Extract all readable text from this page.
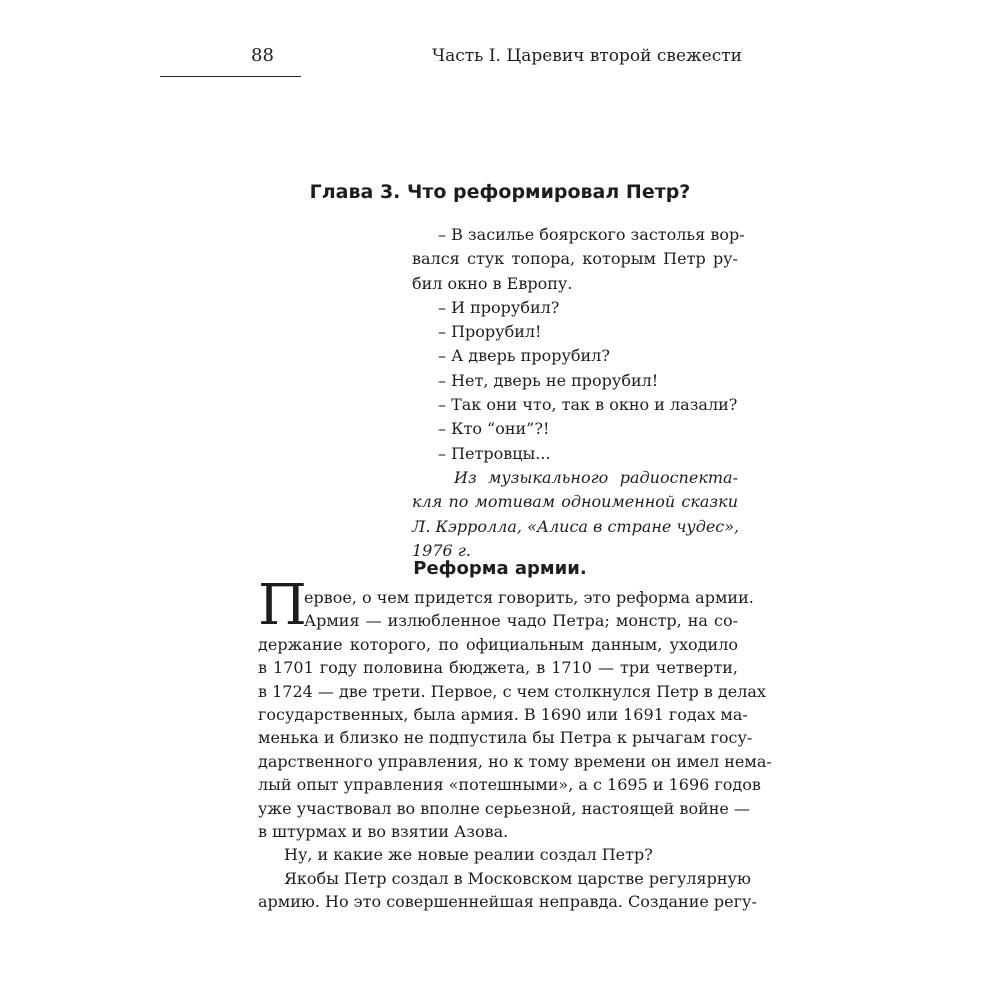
88	Часть I. Царевич второй свежести
Глава 3. Что реформировал Петр?
– В засилье боярского застолья вор-
вался стук топора, которым Петр ру-
бил окно в Европу.
– И прорубил?
– Прорубил!
– А дверь прорубил?
– Нет, дверь не прорубил!
– Так они что, так в окно и лазали?
– Кто “они”?!
– Петровцы...
Из музыкального радиоспекта-
кля по мотивам одноименной сказки
Л. Кэрролла, «Алиса в стране чудес»,
1976 г.
Реформа армии.
П
ервое, о чем придется говорить, это реформа армии.
Армия — излюбленное чадо Петра; монстр, на со-
держание которого, по официальным данным, уходило
в 1701 году половина бюджета, в 1710 — три четверти,
в 1724 — две трети. Первое, с чем столкнулся Петр в делах
государственных, была армия. В 1690 или 1691 годах ма-
менька и близко не подпустила бы Петра к рычагам госу-
дарственного управления, но к тому времени он имел нема-
лый опыт управления «потешными», а с 1695 и 1696 годов
уже участвовал во вполне серьезной, настоящей войне —
в штурмах и во взятии Азова.
Ну, и какие же новые реалии создал Петр?
Якобы Петр создал в Московском царстве регулярную
армию. Но это совершеннейшая неправда. Создание регу-
